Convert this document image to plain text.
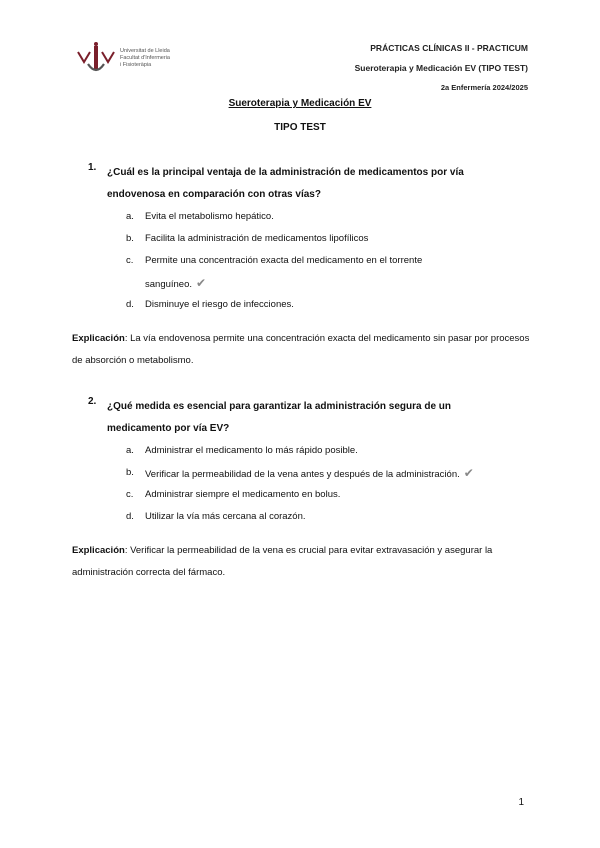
Universitat de Lleida
Facultat d'Infermeria
i Fisioteràpia
PRÁCTICAS CLÍNICAS II - PRACTICUM
Sueroterapia y Medicación EV (TIPO TEST)
2a Enfermería 2024/2025
Sueroterapia y Medicación EV
TIPO TEST
1. ¿Cuál es la principal ventaja de la administración de medicamentos por vía endovenosa en comparación con otras vías?
a. Evita el metabolismo hepático.
b. Facilita la administración de medicamentos lipofílicos
c. Permite una concentración exacta del medicamento en el torrente sanguíneo. ✔
d. Disminuye el riesgo de infecciones.
Explicación: La vía endovenosa permite una concentración exacta del medicamento sin pasar por procesos de absorción o metabolismo.
2. ¿Qué medida es esencial para garantizar la administración segura de un medicamento por vía EV?
a. Administrar el medicamento lo más rápido posible.
b. Verificar la permeabilidad de la vena antes y después de la administración. ✔
c. Administrar siempre el medicamento en bolus.
d. Utilizar la vía más cercana al corazón.
Explicación: Verificar la permeabilidad de la vena es crucial para evitar extravasación y asegurar la administración correcta del fármaco.
1
